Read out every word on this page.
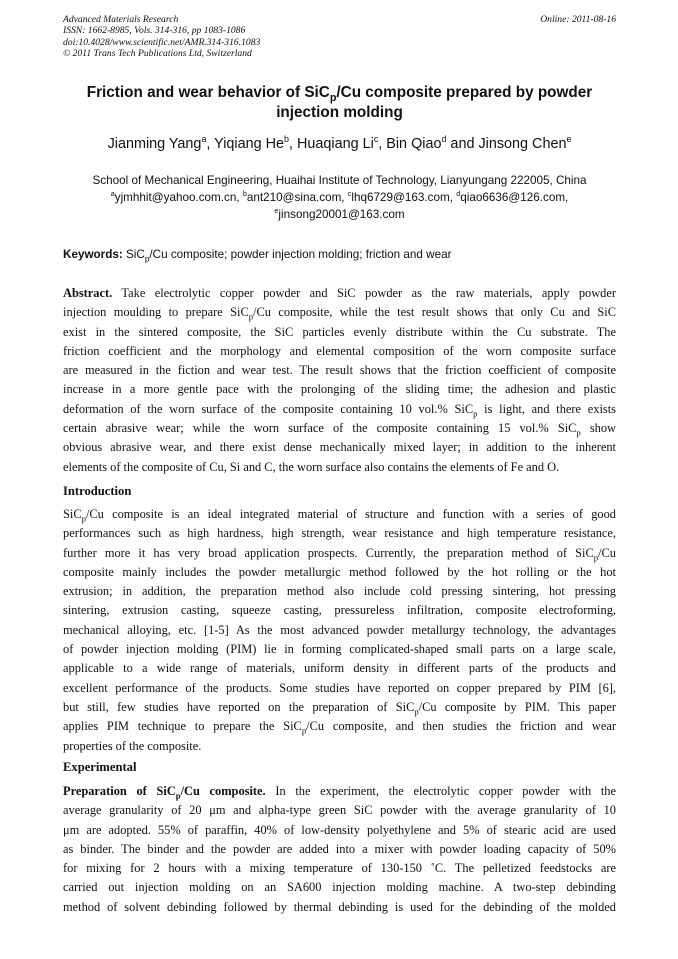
Advanced Materials Research
ISSN: 1662-8985, Vols. 314-316, pp 1083-1086
doi:10.4028/www.scientific.net/AMR.314-316.1083
© 2011 Trans Tech Publications Ltd, Switzerland
Online: 2011-08-16
Friction and wear behavior of SiC$_p$/Cu composite prepared by powder
injection molding
Jianming Yang$^a$, Yiqiang He$^b$, Huaqiang Li$^c$, Bin Qiao$^d$ and Jinsong Chen$^e$
School of Mechanical Engineering, Huaihai Institute of Technology, Lianyungang 222005, China
$^a$yjmhhit@yahoo.com.cn, $^b$ant210@sina.com, $^c$lhq6729@163.com, $^d$qiao6636@126.com,
$^e$jinsong20001@163.com
Keywords: SiC$_p$/Cu composite; powder injection molding; friction and wear
Abstract. Take electrolytic copper powder and SiC powder as the raw materials, apply powder
injection moulding to prepare SiC$_p$/Cu composite, while the test result shows that only Cu and SiC
exist in the sintered composite, the SiC particles evenly distribute within the Cu substrate. The
friction coefficient and the morphology and elemental composition of the worn composite surface
are measured in the fiction and wear test. The result shows that the friction coefficient of composite
increase in a more gentle pace with the prolonging of the sliding time; the adhesion and plastic
deformation of the worn surface of the composite containing 10 vol.% SiC$_p$ is light, and there exists
certain abrasive wear; while the worn surface of the composite containing 15 vol.% SiC$_p$ show
obvious abrasive wear, and there exist dense mechanically mixed layer; in addition to the inherent
elements of the composite of Cu, Si and C, the worn surface also contains the elements of Fe and O.
Introduction
SiC$_p$/Cu composite is an ideal integrated material of structure and function with a series of good
performances such as high hardness, high strength, wear resistance and high temperature resistance,
further more it has very broad application prospects. Currently, the preparation method of SiC$_p$/Cu
composite mainly includes the powder metallurgic method followed by the hot rolling or the hot
extrusion; in addition, the preparation method also include cold pressing sintering, hot pressing
sintering, extrusion casting, squeeze casting, pressureless infiltration, composite electroforming,
mechanical alloying, etc. [1-5] As the most advanced powder metallurgy technology, the advantages
of powder injection molding (PIM) lie in forming complicated-shaped small parts on a large scale,
applicable to a wide range of materials, uniform density in different parts of the products and
excellent performance of the products. Some studies have reported on copper prepared by PIM [6],
but still, few studies have reported on the preparation of SiC$_p$/Cu composite by PIM. This paper
applies PIM technique to prepare the SiC$_p$/Cu composite, and then studies the friction and wear
properties of the composite.
Experimental
Preparation of SiC$_p$/Cu composite. In the experiment, the electrolytic copper powder with the
average granularity of 20 μm and alpha-type green SiC powder with the average granularity of 10
μm are adopted. 55% of paraffin, 40% of low-density polyethylene and 5% of stearic acid are used
as binder. The binder and the powder are added into a mixer with powder loading capacity of 50%
for mixing for 2 hours with a mixing temperature of 130-150 ˚C. The pelletized feedstocks are
carried out injection molding on an SA600 injection molding machine. A two-step debinding
method of solvent debinding followed by thermal debinding is used for the debinding of the molded
